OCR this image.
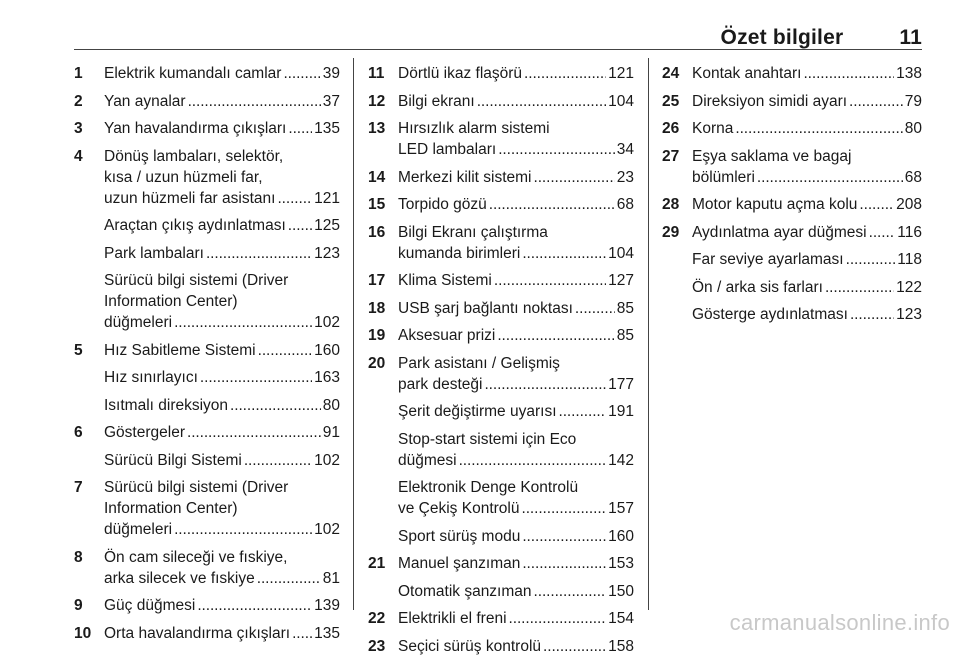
Özet bilgiler	11
1 Elektrik kumandalı camlar . . .	39
2 Yan aynalar . . .	37
3 Yan havalandırma çıkışları . . . 135
4 Dönüş lambaları, selektör,
kısa / uzun hüzmeli far,
uzun hüzmeli far asistanı . . . 121
Araçtan çıkış aydınlatması . . . 125
Park lambaları . . .	123
Sürücü bilgi sistemi (Driver
Information Center)
düğmeleri . . .	102
5 Hız Sabitleme Sistemi . . .	160
Hız sınırlayıcı . . .	163
Isıtmalı direksiyon . . .	80
6 Göstergeler . . .	91
Sürücü Bilgi Sistemi . . .	102
7 Sürücü bilgi sistemi (Driver
Information Center)
düğmeleri . . .	102
8 Ön cam sileceği ve fıskiye,
arka silecek ve fıskiye . . .	81
9 Güç düğmesi . . .	139
10 Orta havalandırma çıkışları . . . 135
11 Dörtlü ikaz flaşörü . . .	121
12 Bilgi ekranı . . .	104
13 Hırsızlık alarm sistemi
LED lambaları . . .	34
14 Merkezi kilit sistemi . . .	23
15 Torpido gözü . . .	68
16 Bilgi Ekranı çalıştırma
kumanda birimleri . . .	104
17 Klima Sistemi . . .	127
18 USB şarj bağlantı noktası . . .	85
19 Aksesuar prizi . . .	85
20 Park asistanı / Gelişmiş
park desteği . . .	177
Şerit değiştirme uyarısı . . .	191
Stop-start sistemi için Eco
düğmesi . . .	142
Elektronik Denge Kontrolü
ve Çekiş Kontrolü . . .	157
Sport sürüş modu . . .	160
21 Manuel şanzıman . . .	153
Otomatik şanzıman . . .	150
22 Elektrikli el freni . . .	154
23 Seçici sürüş kontrolü . . .	158
24 Kontak anahtarı . . .	138
25 Direksiyon simidi ayarı . . .	79
26 Korna . . .	80
27 Eşya saklama ve bagaj
bölümleri . . .	68
28 Motor kaputu açma kolu . . . 208
29 Aydınlatma ayar düğmesi . . . 116
Far seviye ayarlaması . . .	118
Ön / arka sis farları . . .	122
Gösterge aydınlatması . . .	123
carmanualsonline.info
